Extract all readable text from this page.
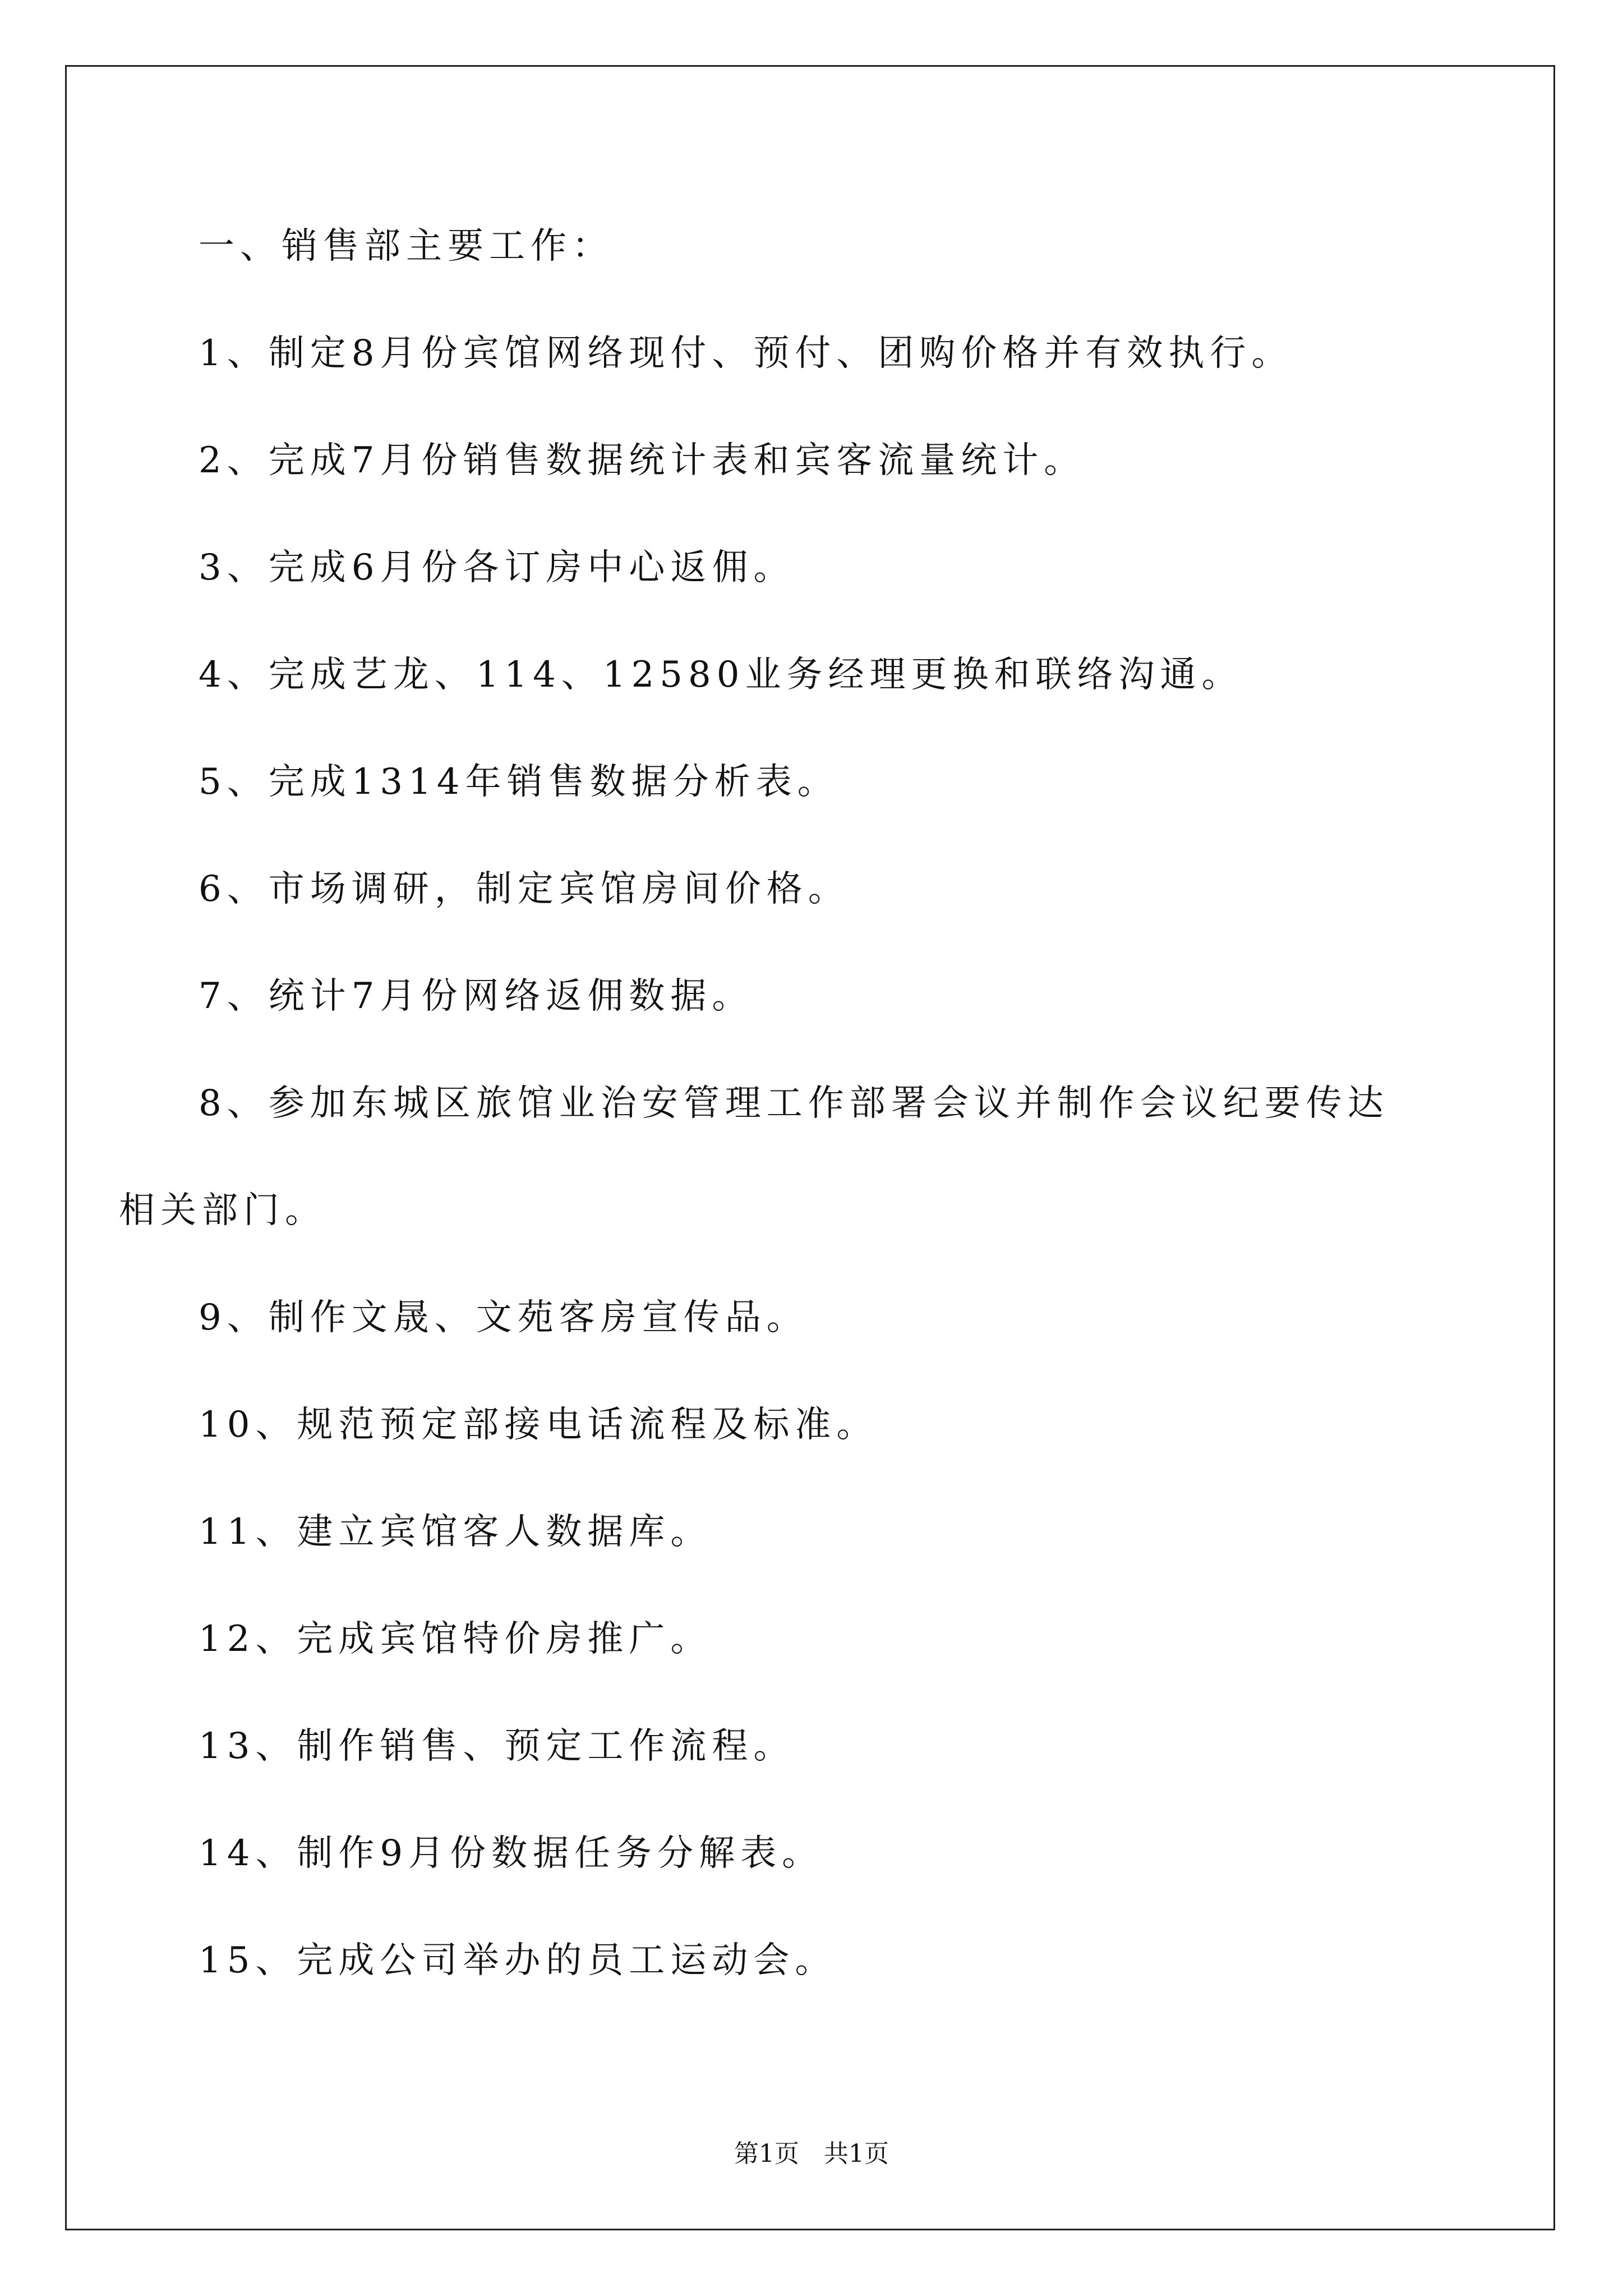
一、销售部主要工作：

1、制定8月份宾馆网络现付、预付、团购价格并有效执行。

2、完成7月份销售数据统计表和宾客流量统计。

3、完成6月份各订房中心返佣。

4、完成艺龙、114、12580业务经理更换和联络沟通。

5、完成1314年销售数据分析表。

6、市场调研，制定宾馆房间价格。

7、统计7月份网络返佣数据。

8、参加东城区旅馆业治安管理工作部署会议并制作会议纪要传达

相关部门。

9、制作文晟、文苑客房宣传品。

10、规范预定部接电话流程及标准。

11、建立宾馆客人数据库。

12、完成宾馆特价房推广。

13、制作销售、预定工作流程。

14、制作9月份数据任务分解表。

15、完成公司举办的员工运动会。

第1页　共1页
